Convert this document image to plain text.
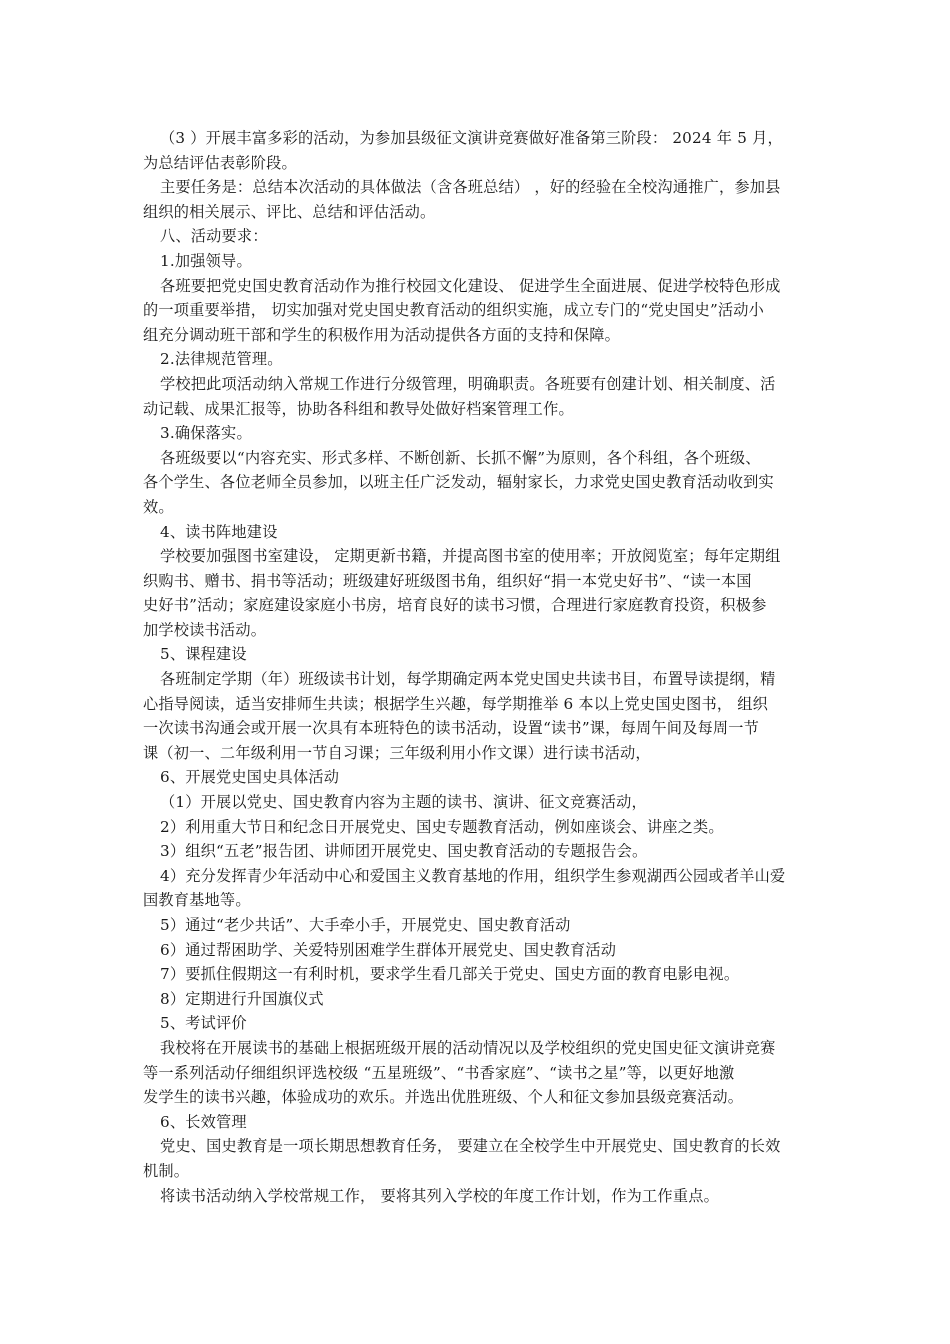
（3 ）开展丰富多彩的活动，为参加县级征文演讲竞赛做好准备第三阶段： 2024 年 5 月，
为总结评估表彰阶段。
主要任务是：总结本次活动的具体做法（含各班总结） ，好的经验在全校沟通推广，参加县
组织的相关展示、评比、总结和评估活动。
八、活动要求：
1.加强领导。
各班要把党史国史教育活动作为推行校园文化建设、 促进学生全面进展、促进学校特色形成
的一项重要举措， 切实加强对党史国史教育活动的组织实施，成立专门的“党史国史”活动小
组充分调动班干部和学生的积极作用为活动提供各方面的支持和保障。
2.法律规范管理。
学校把此项活动纳入常规工作进行分级管理，明确职责。各班要有创建计划、相关制度、活
动记载、成果汇报等，协助各科组和教导处做好档案管理工作。
3.确保落实。
各班级要以“内容充实、形式多样、不断创新、长抓不懈”为原则，各个科组，各个班级、
各个学生、各位老师全员参加，以班主任广泛发动，辐射家长，力求党史国史教育活动收到实
效。
4、读书阵地建设
学校要加强图书室建设， 定期更新书籍，并提高图书室的使用率；开放阅览室；每年定期组
织购书、赠书、捐书等活动；班级建好班级图书角，组织好“捐一本党史好书”、“读一本国
史好书”活动；家庭建设家庭小书房，培育良好的读书习惯，合理进行家庭教育投资，积极参
加学校读书活动。
5、课程建设
各班制定学期（年）班级读书计划，每学期确定两本党史国史共读书目，布置导读提纲，精
心指导阅读，适当安排师生共读；根据学生兴趣，每学期推举 6 本以上党史国史图书， 组织
一次读书沟通会或开展一次具有本班特色的读书活动，设置“读书”课，每周午间及每周一节
课（初一、二年级利用一节自习课；三年级利用小作文课）进行读书活动，
6、开展党史国史具体活动
（1）开展以党史、国史教育内容为主题的读书、演讲、征文竞赛活动，
2）利用重大节日和纪念日开展党史、国史专题教育活动，例如座谈会、讲座之类。
3）组织“五老”报告团、讲师团开展党史、国史教育活动的专题报告会。
4）充分发挥青少年活动中心和爱国主义教育基地的作用，组织学生参观湖西公园或者羊山爱
国教育基地等。
5）通过“老少共话”、大手牵小手，开展党史、国史教育活动
6）通过帮困助学、关爱特别困难学生群体开展党史、国史教育活动
7）要抓住假期这一有利时机，要求学生看几部关于党史、国史方面的教育电影电视。
8）定期进行升国旗仪式
5、考试评价
我校将在开展读书的基础上根据班级开展的活动情况以及学校组织的党史国史征文演讲竞赛
等一系列活动仔细组织评选校级 “五星班级”、“书香家庭”、“读书之星”等，以更好地激
发学生的读书兴趣，体验成功的欢乐。并选出优胜班级、个人和征文参加县级竞赛活动。
6、长效管理
党史、国史教育是一项长期思想教育任务， 要建立在全校学生中开展党史、国史教育的长效
机制。
将读书活动纳入学校常规工作， 要将其列入学校的年度工作计划，作为工作重点。
